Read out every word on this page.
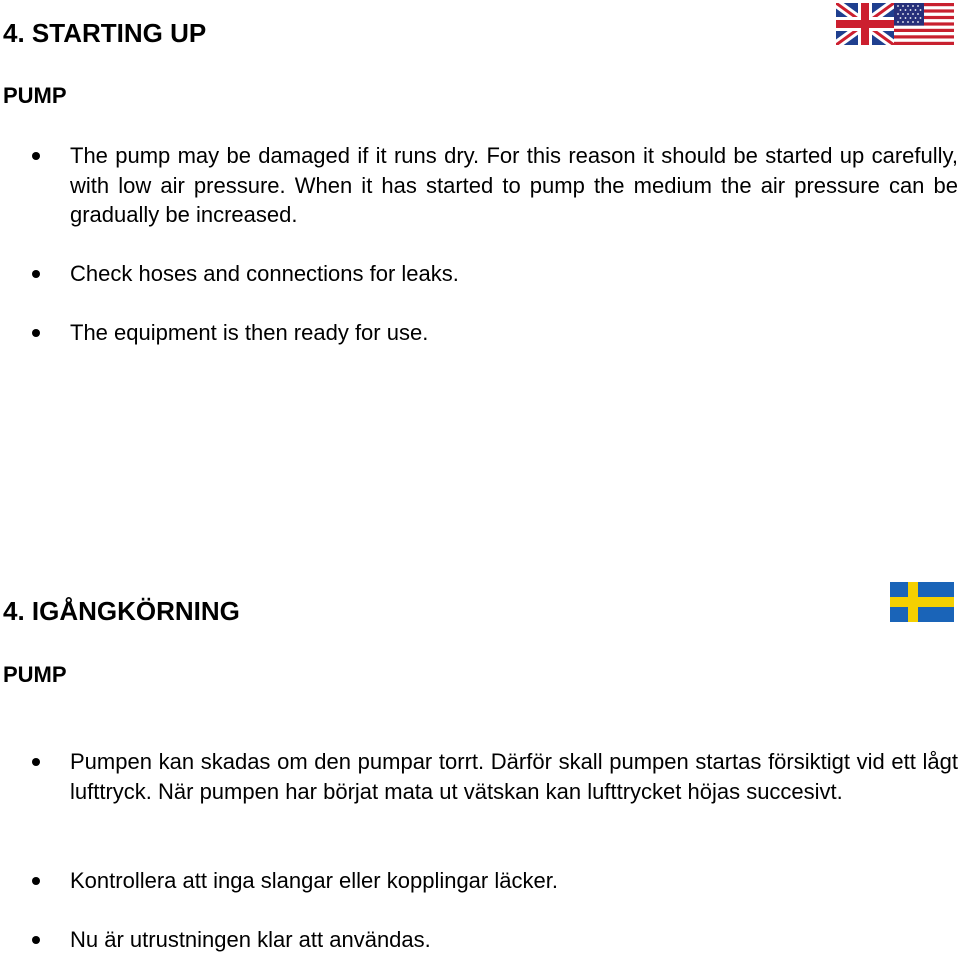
4. STARTING UP
PUMP
The pump may be damaged if it runs dry. For this reason it should be started up carefully, with low air pressure. When it has started to pump the medium the air pressure can be gradually be increased.
Check hoses and connections for leaks.
The equipment is then ready for use.
4. IGÅNGKÖRNING
PUMP
Pumpen kan skadas om den pumpar torrt. Därför skall pumpen startas försiktigt vid ett lågt lufttryck. När pumpen har börjat mata ut vätskan kan lufttrycket höjas succesivt.
Kontrollera att inga slangar eller kopplingar läcker.
Nu är utrustningen klar att användas.
